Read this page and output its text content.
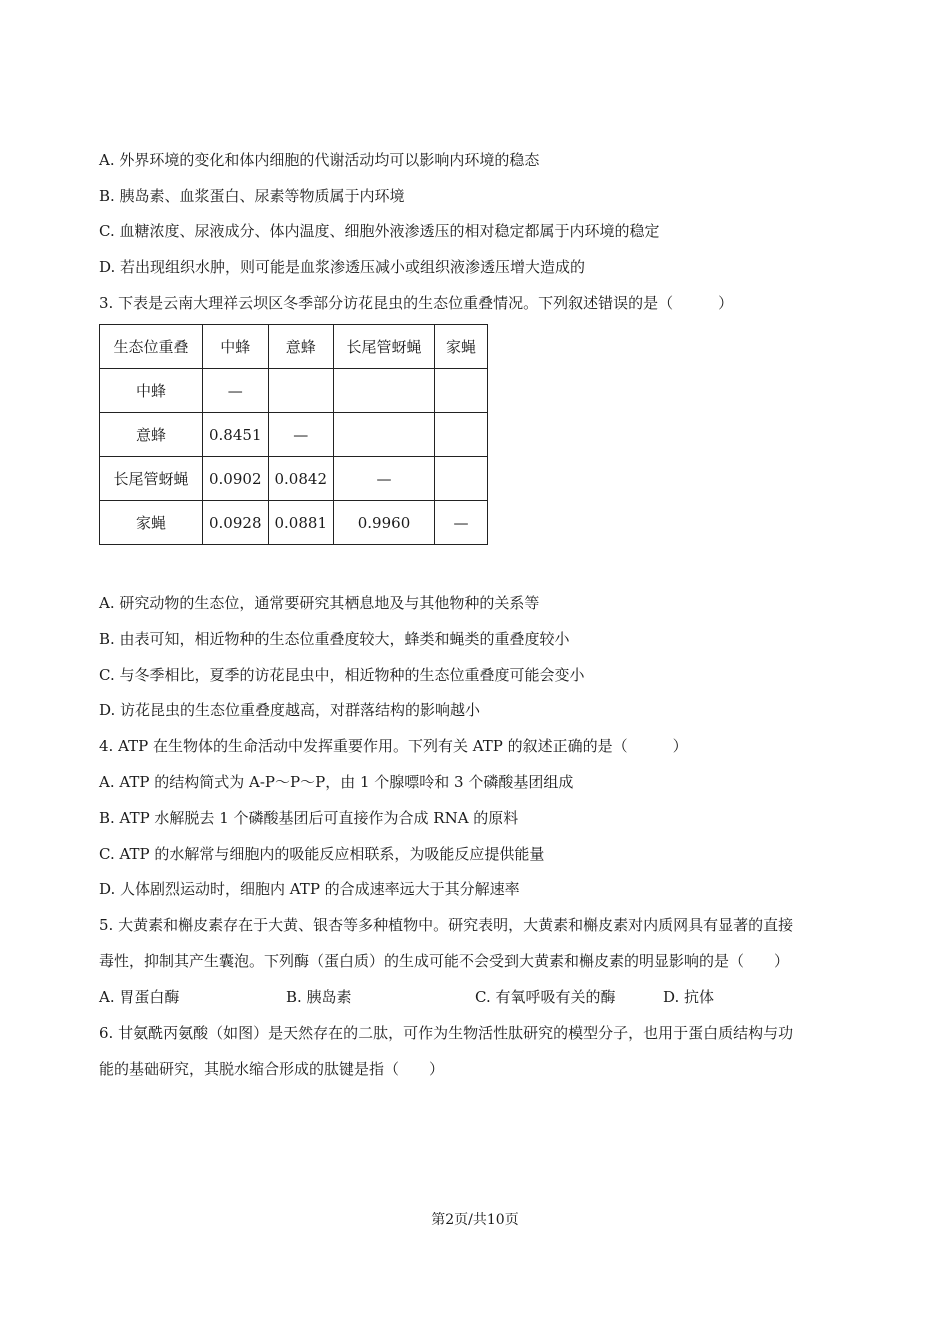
A. 外界环境的变化和体内细胞的代谢活动均可以影响内环境的稳态
B. 胰岛素、血浆蛋白、尿素等物质属于内环境
C. 血糖浓度、尿液成分、体内温度、细胞外液渗透压的相对稳定都属于内环境的稳定
D. 若出现组织水肿，则可能是血浆渗透压减小或组织液渗透压增大造成的
3. 下表是云南大理祥云坝区冬季部分访花昆虫的生态位重叠情况。下列叙述错误的是（　　　）
生态位重叠	中蜂	意蜂	长尾管蚜蝇	家蝇
中蜂	—			
意蜂	0.8451	—		
长尾管蚜蝇	0.0902	0.0842	—	
家蝇	0.0928	0.0881	0.9960	—
A. 研究动物的生态位，通常要研究其栖息地及与其他物种的关系等
B. 由表可知，相近物种的生态位重叠度较大，蜂类和蝇类的重叠度较小
C. 与冬季相比，夏季的访花昆虫中，相近物种的生态位重叠度可能会变小
D. 访花昆虫的生态位重叠度越高，对群落结构的影响越小
4. ATP 在生物体的生命活动中发挥重要作用。下列有关 ATP 的叙述正确的是（　　　）
A. ATP 的结构简式为 A-P～P～P，由 1 个腺嘌呤和 3 个磷酸基团组成
B. ATP 水解脱去 1 个磷酸基团后可直接作为合成 RNA 的原料
C. ATP 的水解常与细胞内的吸能反应相联系，为吸能反应提供能量
D. 人体剧烈运动时，细胞内 ATP 的合成速率远大于其分解速率
5. 大黄素和槲皮素存在于大黄、银杏等多种植物中。研究表明，大黄素和槲皮素对内质网具有显著的直接
毒性，抑制其产生囊泡。下列酶（蛋白质）的生成可能不会受到大黄素和槲皮素的明显影响的是（　　）
A. 胃蛋白酶	B. 胰岛素	C. 有氧呼吸有关的酶	D. 抗体
6. 甘氨酰丙氨酸（如图）是天然存在的二肽，可作为生物活性肽研究的模型分子，也用于蛋白质结构与功
能的基础研究，其脱水缩合形成的肽键是指（　　）
第2页/共10页
